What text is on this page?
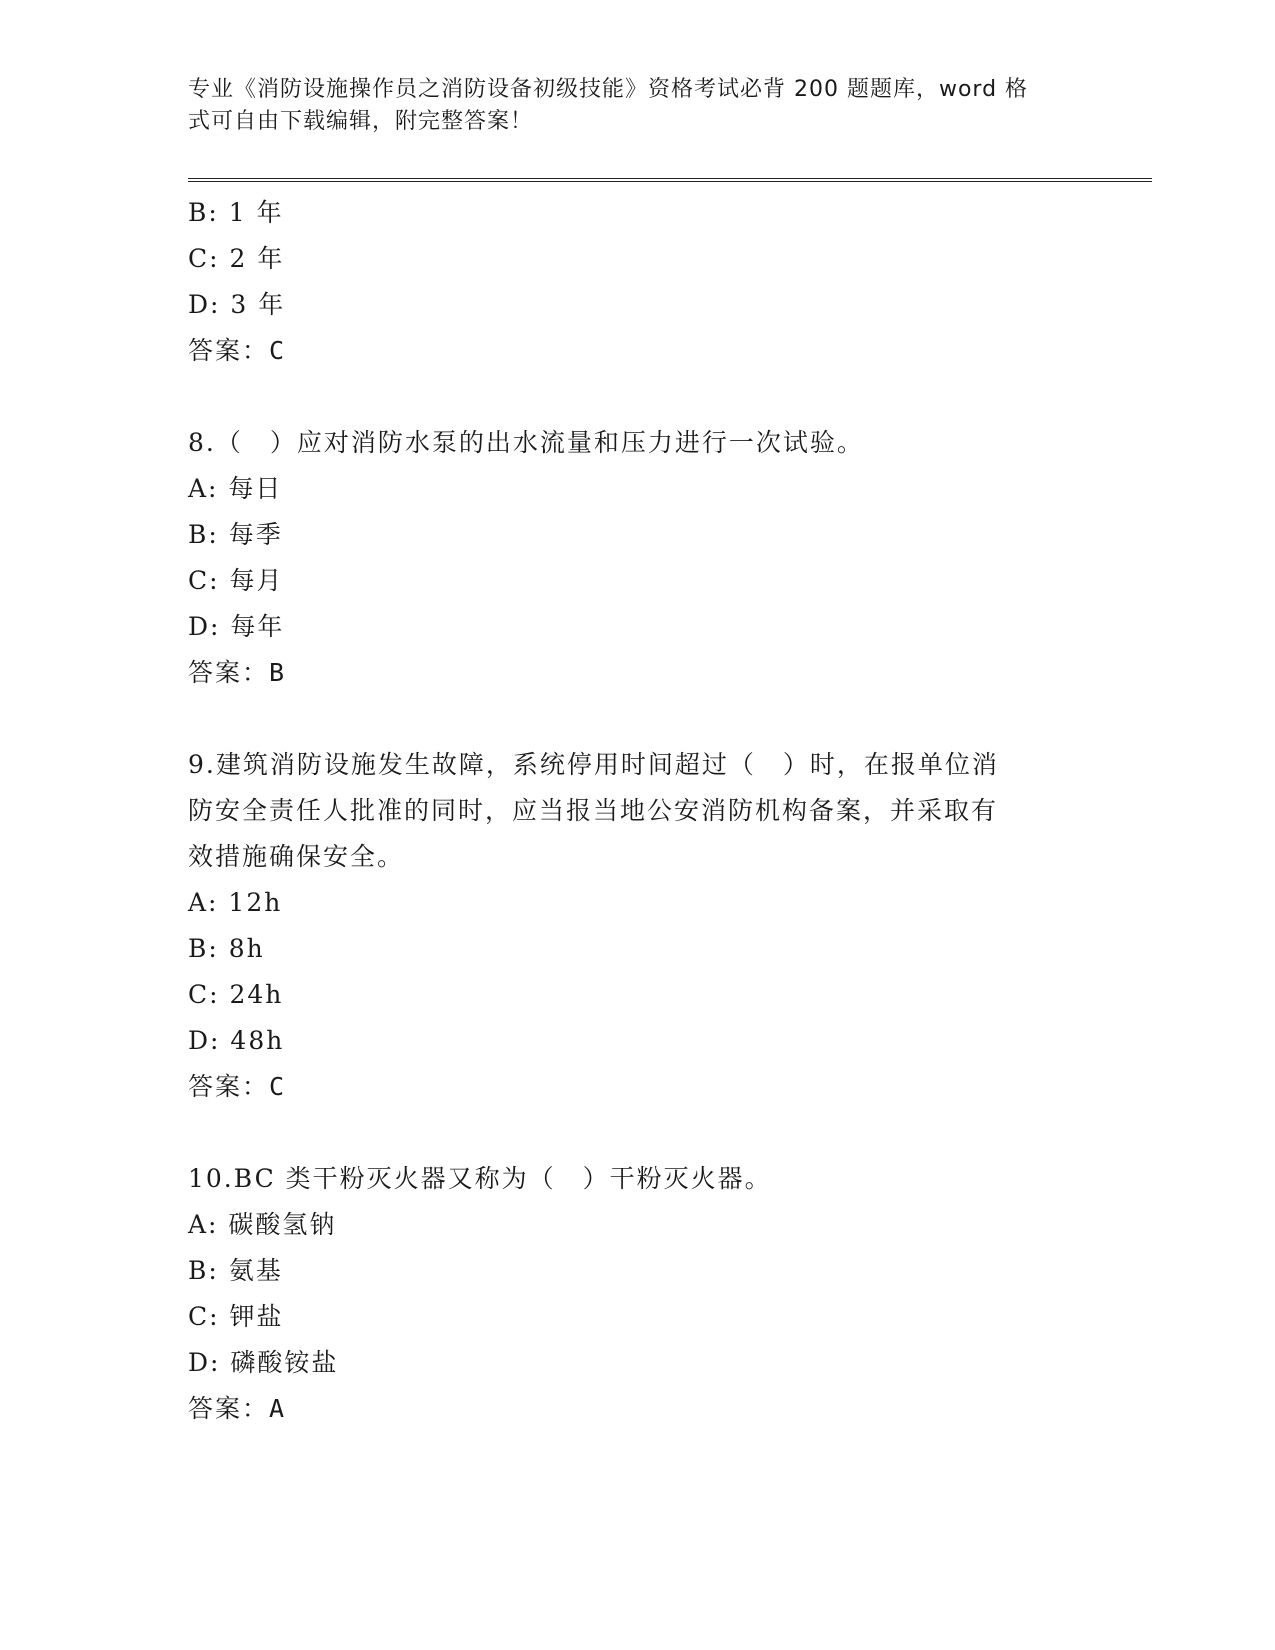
专业《消防设施操作员之消防设备初级技能》资格考试必背 200 题题库，word 格
式可自由下载编辑，附完整答案！
B: 1 年
C: 2 年
D: 3 年
答案：C
8.（　）应对消防水泵的出水流量和压力进行一次试验。
A: 每日
B: 每季
C: 每月
D: 每年
答案：B
9.建筑消防设施发生故障，系统停用时间超过（　）时，在报单位消
防安全责任人批准的同时，应当报当地公安消防机构备案，并采取有
效措施确保安全。
A: 12h
B: 8h
C: 24h
D: 48h
答案：C
10.BC 类干粉灭火器又称为（　）干粉灭火器。
A: 碳酸氢钠
B: 氨基
C: 钾盐
D: 磷酸铵盐
答案：A
